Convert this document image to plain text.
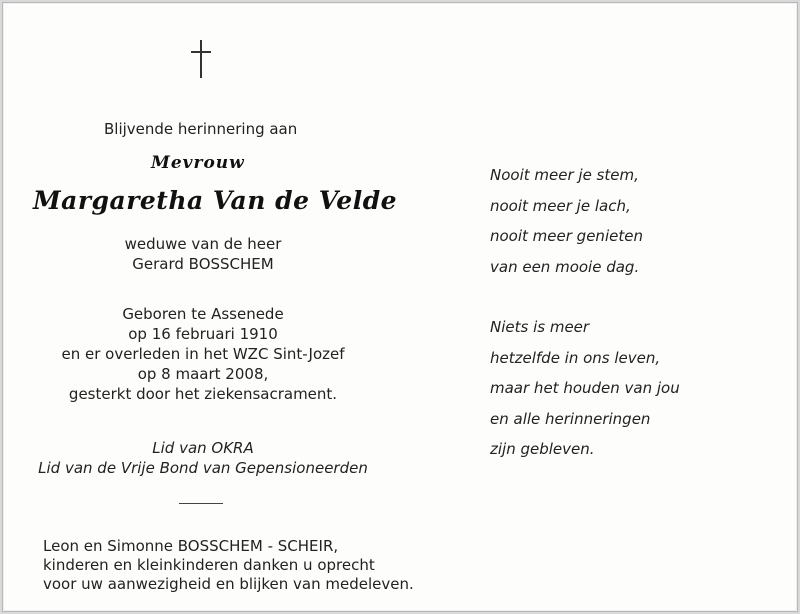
Blijvende herinnering aan
Mevrouw
Margaretha Van de Velde
weduwe van de heer
Gerard BOSSCHEM
Geboren te Assenede
op 16 februari 1910
en er overleden in het WZC Sint-Jozef
op 8 maart 2008,
gesterkt door het ziekensacrament.
Lid van OKRA
Lid van de Vrije Bond van Gepensioneerden
Leon en Simonne BOSSCHEM - SCHEIR,
kinderen en kleinkinderen danken u oprecht
voor uw aanwezigheid en blijken van medeleven.
Nooit meer je stem,
nooit meer je lach,
nooit meer genieten
van een mooie dag.
Niets is meer
hetzelfde in ons leven,
maar het houden van jou
en alle herinneringen
zijn gebleven.
